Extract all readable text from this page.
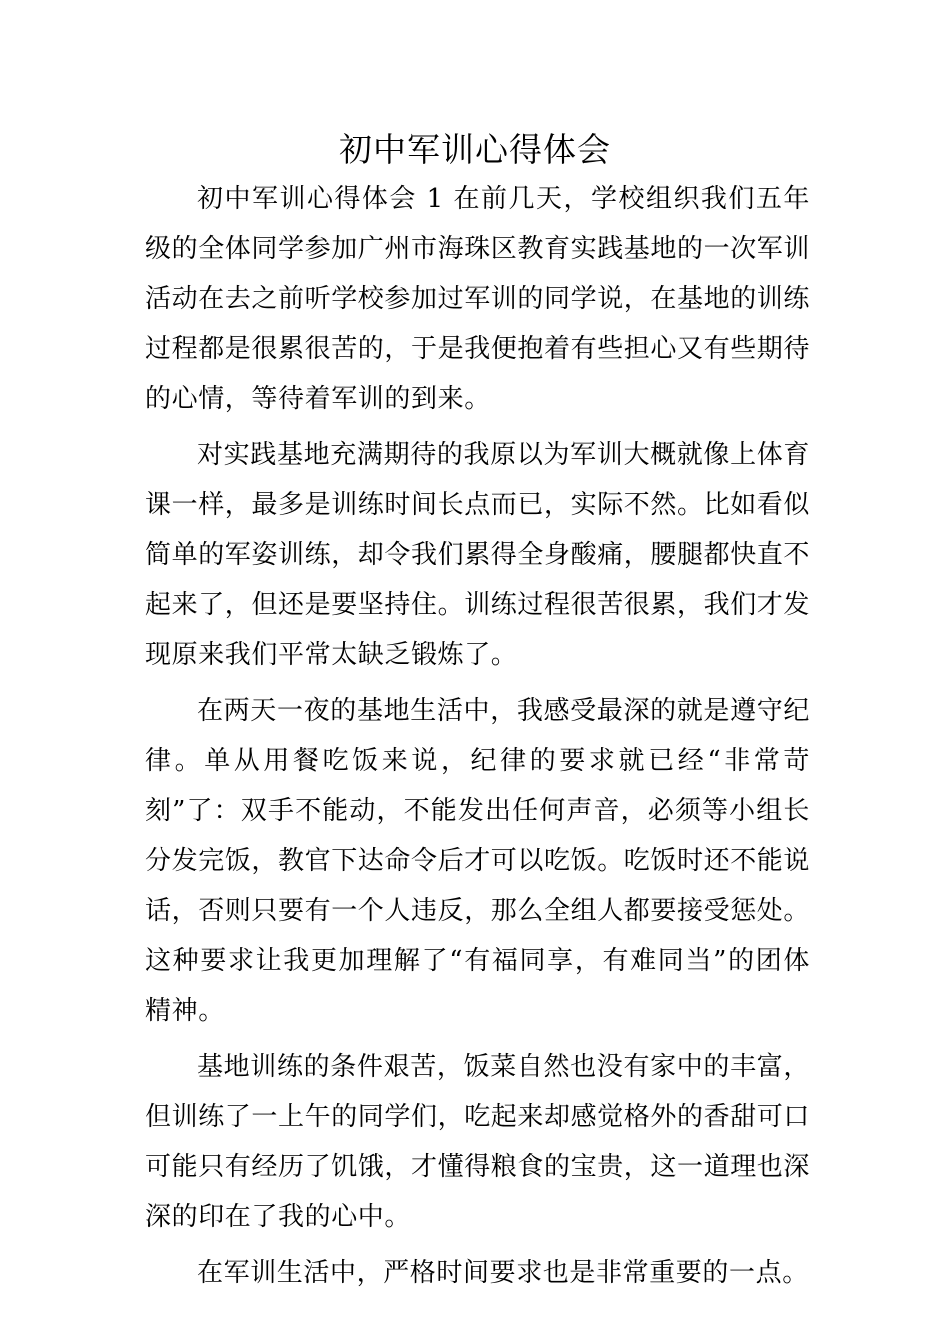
初中军训心得体会

初中军训心得体会 1 在前几天，学校组织我们五年级的全体同学参加广州市海珠区教育实践基地的一次军训活动在去之前听学校参加过军训的同学说，在基地的训练过程都是很累很苦的，于是我便抱着有些担心又有些期待的心情，等待着军训的到来。

对实践基地充满期待的我原以为军训大概就像上体育课一样，最多是训练时间长点而已，实际不然。比如看似简单的军姿训练，却令我们累得全身酸痛，腰腿都快直不起来了，但还是要坚持住。训练过程很苦很累，我们才发现原来我们平常太缺乏锻炼了。

在两天一夜的基地生活中，我感受最深的就是遵守纪律。单从用餐吃饭来说，纪律的要求就已经“非常苛刻”了：双手不能动，不能发出任何声音，必须等小组长分发完饭，教官下达命令后才可以吃饭。吃饭时还不能说话，否则只要有一个人违反，那么全组人都要接受惩处。这种要求让我更加理解了“有福同享，有难同当”的团体精神。

基地训练的条件艰苦，饭菜自然也没有家中的丰富，但训练了一上午的同学们，吃起来却感觉格外的香甜可口可能只有经历了饥饿，才懂得粮食的宝贵，这一道理也深深的印在了我的心中。

在军训生活中，严格时间要求也是非常重要的一点。
